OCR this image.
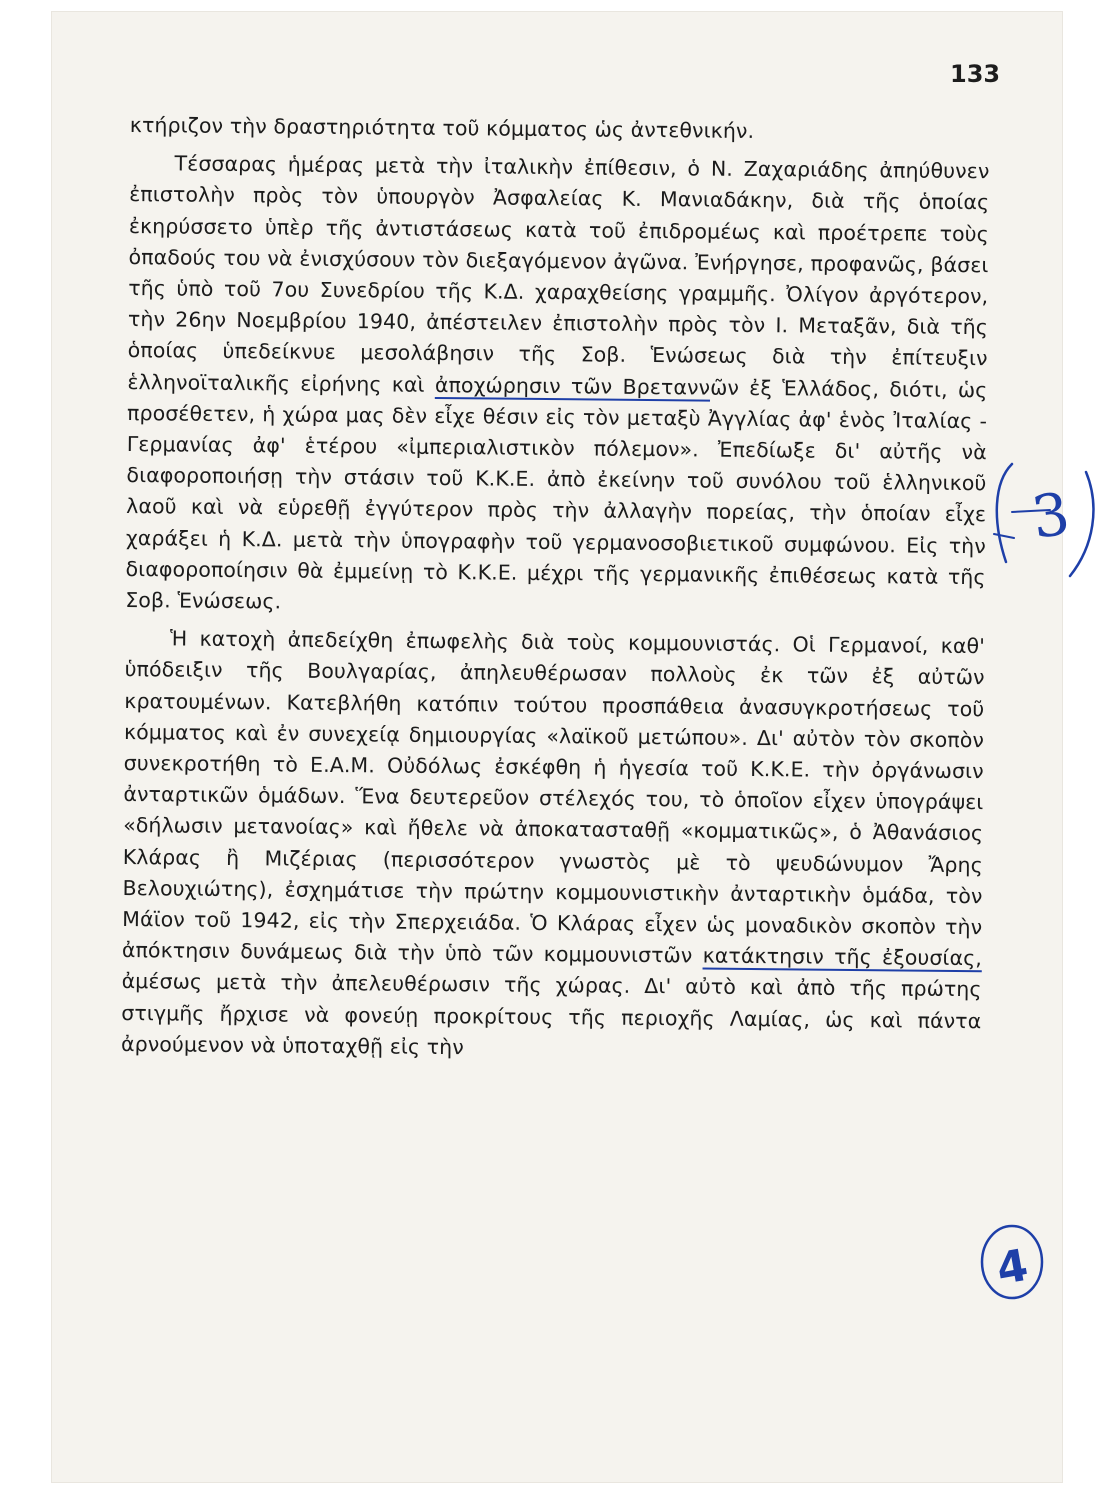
133

κτήριζον τὴν δραστηριότητα τοῦ κόμματος ὡς ἀντεθνικήν.

Τέσσαρας ἡμέρας μετὰ τὴν ἰταλικὴν ἐπίθεσιν, ὁ Ν. Ζαχαριάδης ἀπηύθυνεν ἐπιστολὴν πρὸς τὸν ὑπουργὸν Ἀσφαλείας Κ. Μανιαδάκην, διὰ τῆς ὁποίας ἐκηρύσσετο ὑπὲρ τῆς ἀντιστάσεως κατὰ τοῦ ἐπιδρομέως καὶ προέτρεπε τοὺς ὀπαδούς του νὰ ἐνισχύσουν τὸν διεξαγόμενον ἀγῶνα. Ἐνήργησε, προφανῶς, βάσει τῆς ὑπὸ τοῦ 7ου Συνεδρίου τῆς Κ.Δ. χαραχθείσης γραμμῆς. Ὀλίγον ἀργότερον, τὴν 26ην Νοεμβρίου 1940, ἀπέστειλεν ἐπιστολὴν πρὸς τὸν Ι. Μεταξᾶν, διὰ τῆς ὁποίας ὑπεδείκνυε μεσολάβησιν τῆς Σοβ. Ἑνώσεως διὰ τὴν ἐπίτευξιν ἑλληνοϊταλικῆς εἰρήνης καὶ ἀποχώρησιν τῶν Βρεταννῶν ἐξ Ἑλλάδος, διότι, ὡς προσέθετεν, ἡ χώρα μας δὲν εἶχε θέσιν εἰς τὸν μεταξὺ Ἀγγλίας ἀφ' ἑνὸς Ἰταλίας - Γερμανίας ἀφ' ἑτέρου «ἰμπεριαλιστικὸν πόλεμον». Ἐπεδίωξε δι' αὐτῆς νὰ διαφοροποιήσῃ τὴν στάσιν τοῦ Κ.Κ.Ε. ἀπὸ ἐκείνην τοῦ συνόλου τοῦ ἑλληνικοῦ λαοῦ καὶ νὰ εὑρεθῇ ἐγγύτερον πρὸς τὴν ἀλλαγὴν πορείας, τὴν ὁποίαν εἶχε χαράξει ἡ Κ.Δ. μετὰ τὴν ὑπογραφὴν τοῦ γερμανοσοβιετικοῦ συμφώνου. Εἰς τὴν διαφοροποίησιν θὰ ἐμμείνῃ τὸ Κ.Κ.Ε. μέχρι τῆς γερμανικῆς ἐπιθέσεως κατὰ τῆς Σοβ. Ἑνώσεως.

Ἡ κατοχὴ ἀπεδείχθη ἐπωφελὴς διὰ τοὺς κομμουνιστάς. Οἱ Γερμανοί, καθ' ὑπόδειξιν τῆς Βουλγαρίας, ἀπηλευθέρωσαν πολλοὺς ἐκ τῶν ἐξ αὐτῶν κρατουμένων. Κατεβλήθη κατόπιν τούτου προσπάθεια ἀνασυγκροτήσεως τοῦ κόμματος καὶ ἐν συνεχείᾳ δημιουργίας «λαϊκοῦ μετώπου». Δι' αὐτὸν τὸν σκοπὸν συνεκροτήθη τὸ Ε.Α.Μ. Οὐδόλως ἐσκέφθη ἡ ἡγεσία τοῦ Κ.Κ.Ε. τὴν ὀργάνωσιν ἀνταρτικῶν ὁμάδων. Ἕνα δευτερεῦον στέλεχός του, τὸ ὁποῖον εἶχεν ὑπογράψει «δήλωσιν μετανοίας» καὶ ἤθελε νὰ ἀποκατασταθῇ «κομματικῶς», ὁ Ἀθανάσιος Κλάρας ἢ Μιζέριας (περισσότερον γνωστὸς μὲ τὸ ψευδώνυμον Ἄρης Βελουχιώτης), ἐσχημάτισε τὴν πρώτην κομμουνιστικὴν ἀνταρτικὴν ὁμάδα, τὸν Μάϊον τοῦ 1942, εἰς τὴν Σπερχειάδα. Ὁ Κλάρας εἶχεν ὡς μοναδικὸν σκοπὸν τὴν ἀπόκτησιν δυνάμεως διὰ τὴν ὑπὸ τῶν κομμουνιστῶν κατάκτησιν τῆς ἐξουσίας, ἀμέσως μετὰ τὴν ἀπελευθέρωσιν τῆς χώρας. Δι' αὐτὸ καὶ ἀπὸ τῆς πρώτης στιγμῆς ἤρχισε νὰ φονεύῃ προκρίτους τῆς περιοχῆς Λαμίας, ὡς καὶ πάντα ἀρνούμενον νὰ ὑποταχθῇ εἰς τὴν

3
4
